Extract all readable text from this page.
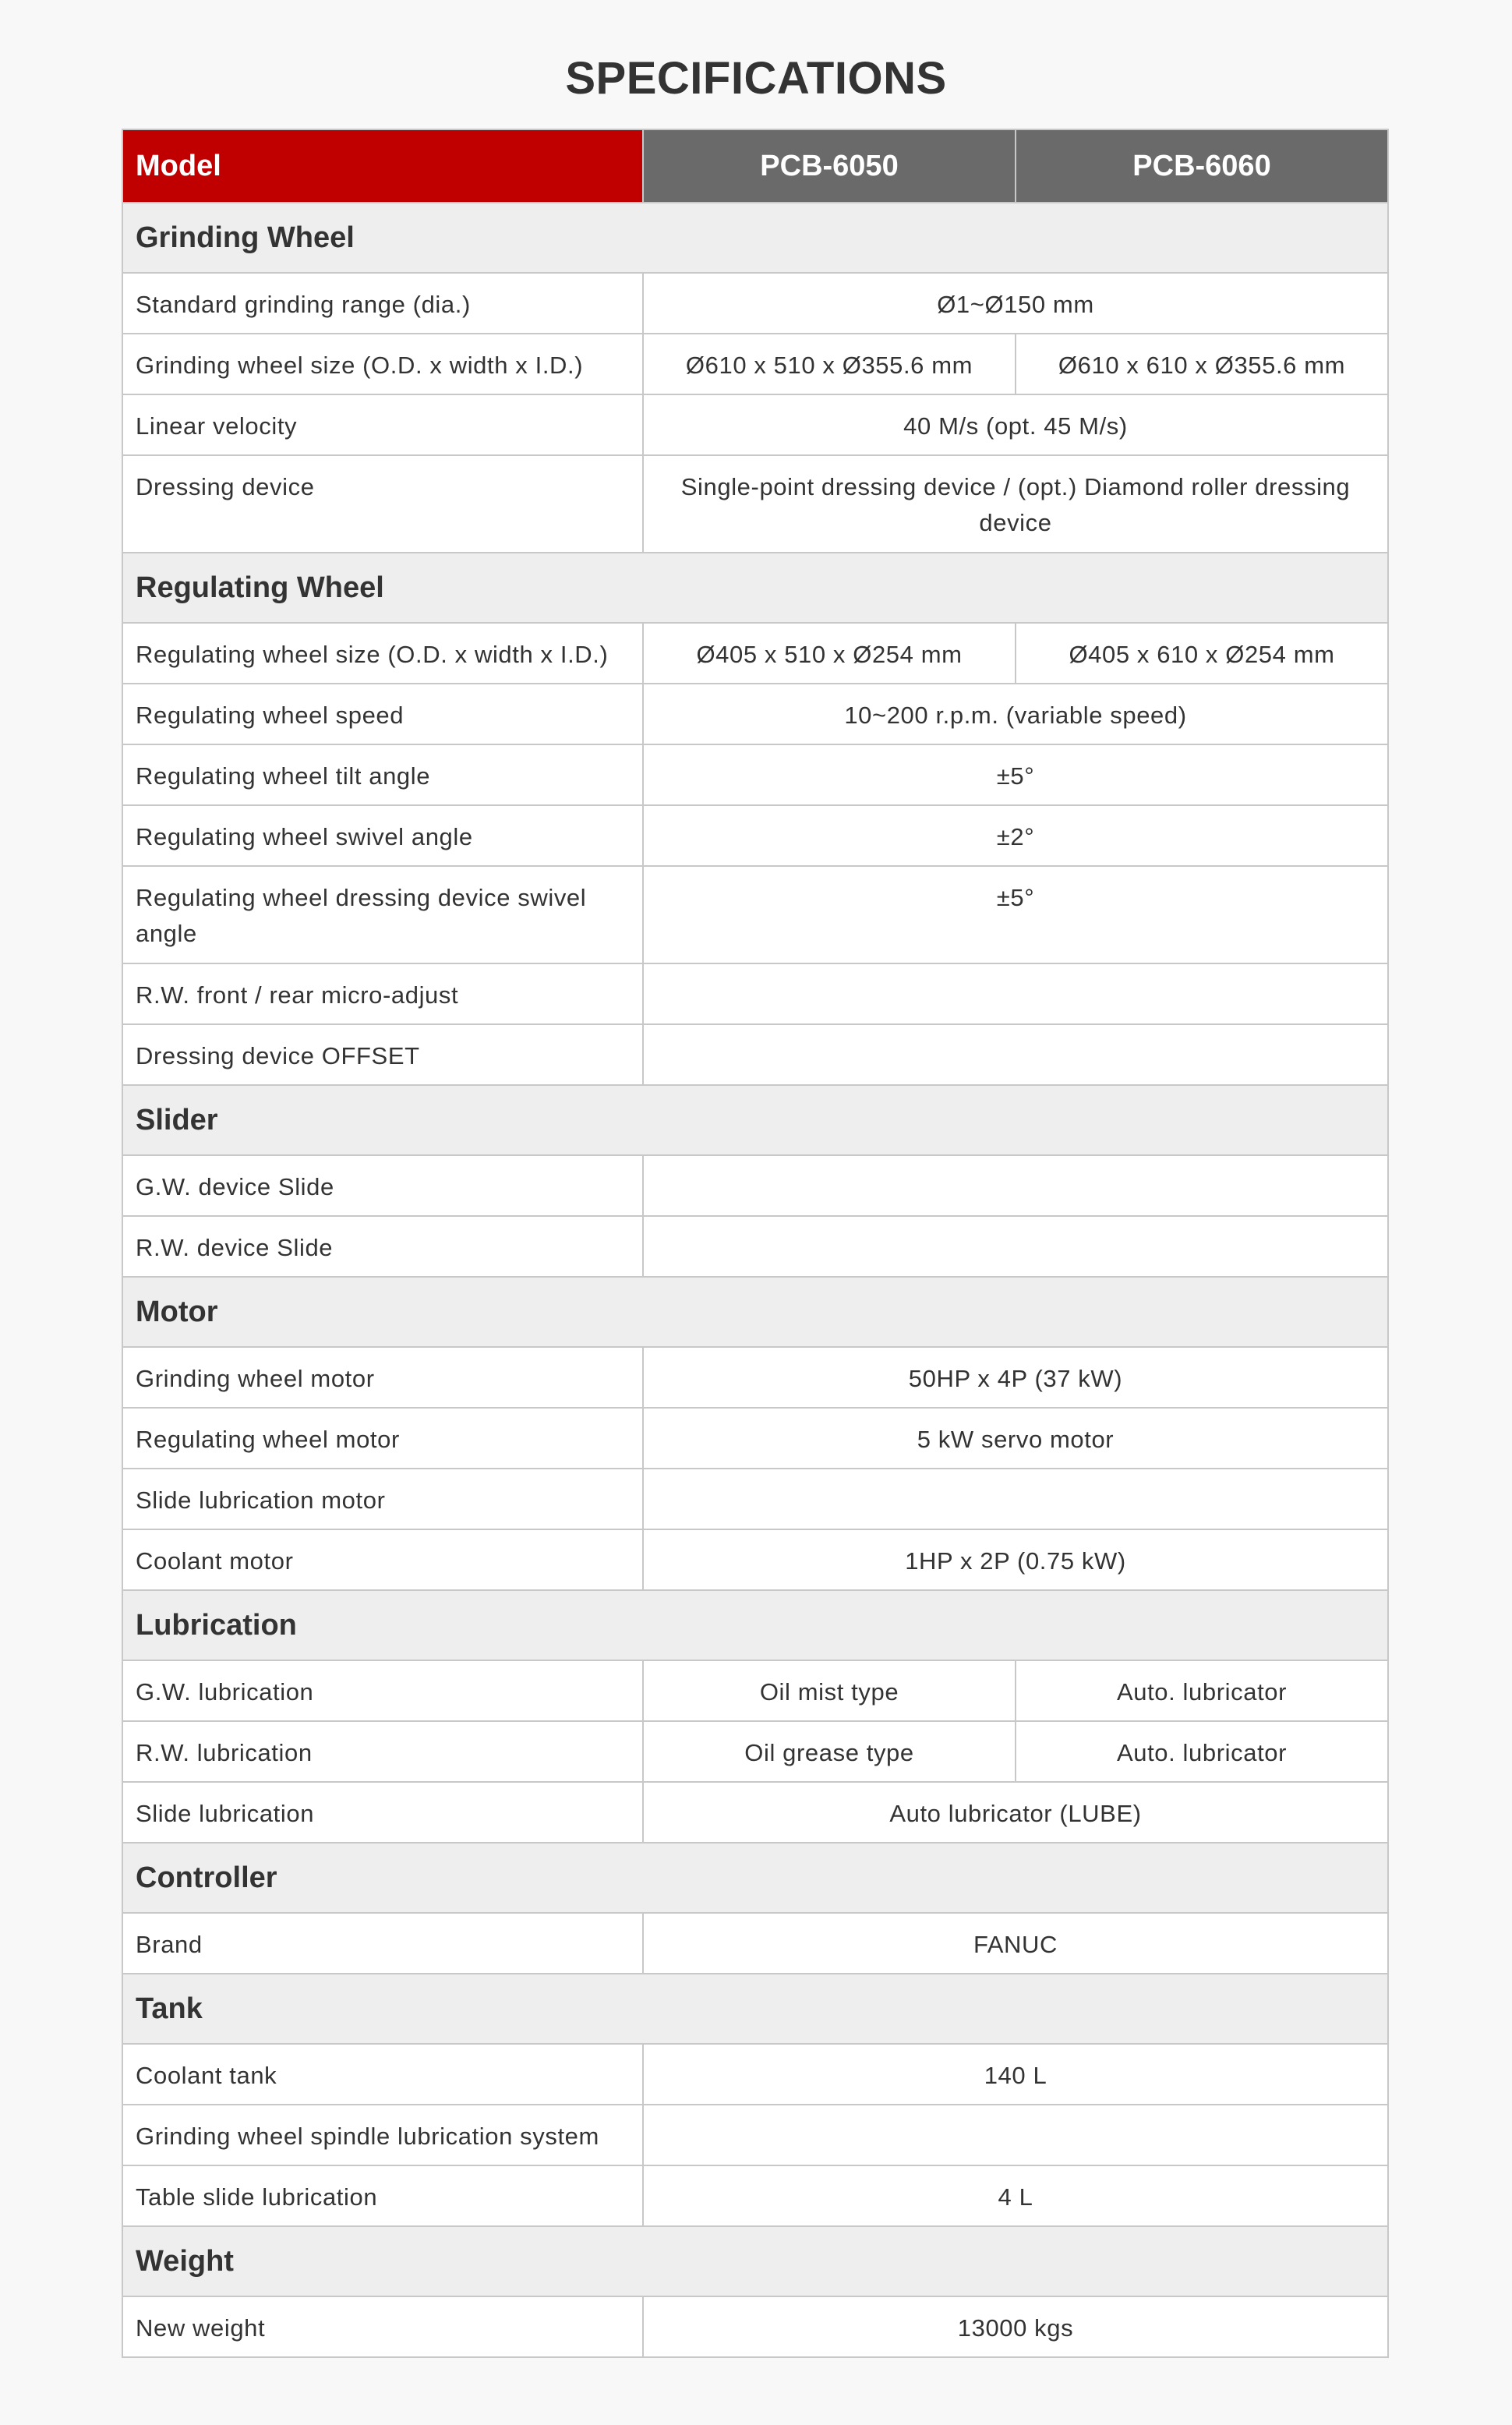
SPECIFICATIONS
Model	PCB-6050	PCB-6060
Grinding Wheel		
Standard grinding range (dia.)	Ø1~Ø150 mm	
Grinding wheel size (O.D. x width x I.D.)	Ø610 x 510 x Ø355.6 mm	Ø610 x 610 x Ø355.6 mm
Linear velocity	40 M/s (opt. 45 M/s)	
Dressing device	Single-point dressing device / (opt.) Diamond roller dressing device	
Regulating Wheel		
Regulating wheel size (O.D. x width x I.D.)	Ø405 x 510 x Ø254 mm	Ø405 x 610 x Ø254 mm
Regulating wheel speed	10~200 r.p.m. (variable speed)	
Regulating wheel tilt angle	±5°	
Regulating wheel swivel angle	±2°	
Regulating wheel dressing device swivel angle	±5°	
R.W. front / rear micro-adjust		
Dressing device OFFSET		
Slider		
G.W. device Slide		
R.W. device Slide		
Motor		
Grinding wheel motor	50HP x 4P (37 kW)	
Regulating wheel motor	5 kW servo motor	
Slide lubrication motor		
Coolant motor	1HP x 2P (0.75 kW)	
Lubrication		
G.W. lubrication	Oil mist type	Auto. lubricator
R.W. lubrication	Oil grease type	Auto. lubricator
Slide lubrication	Auto lubricator (LUBE)	
Controller		
Brand	FANUC	
Tank		
Coolant tank	140 L	
Grinding wheel spindle lubrication system		
Table slide lubrication	4 L	
Weight		
New weight	13000 kgs	
